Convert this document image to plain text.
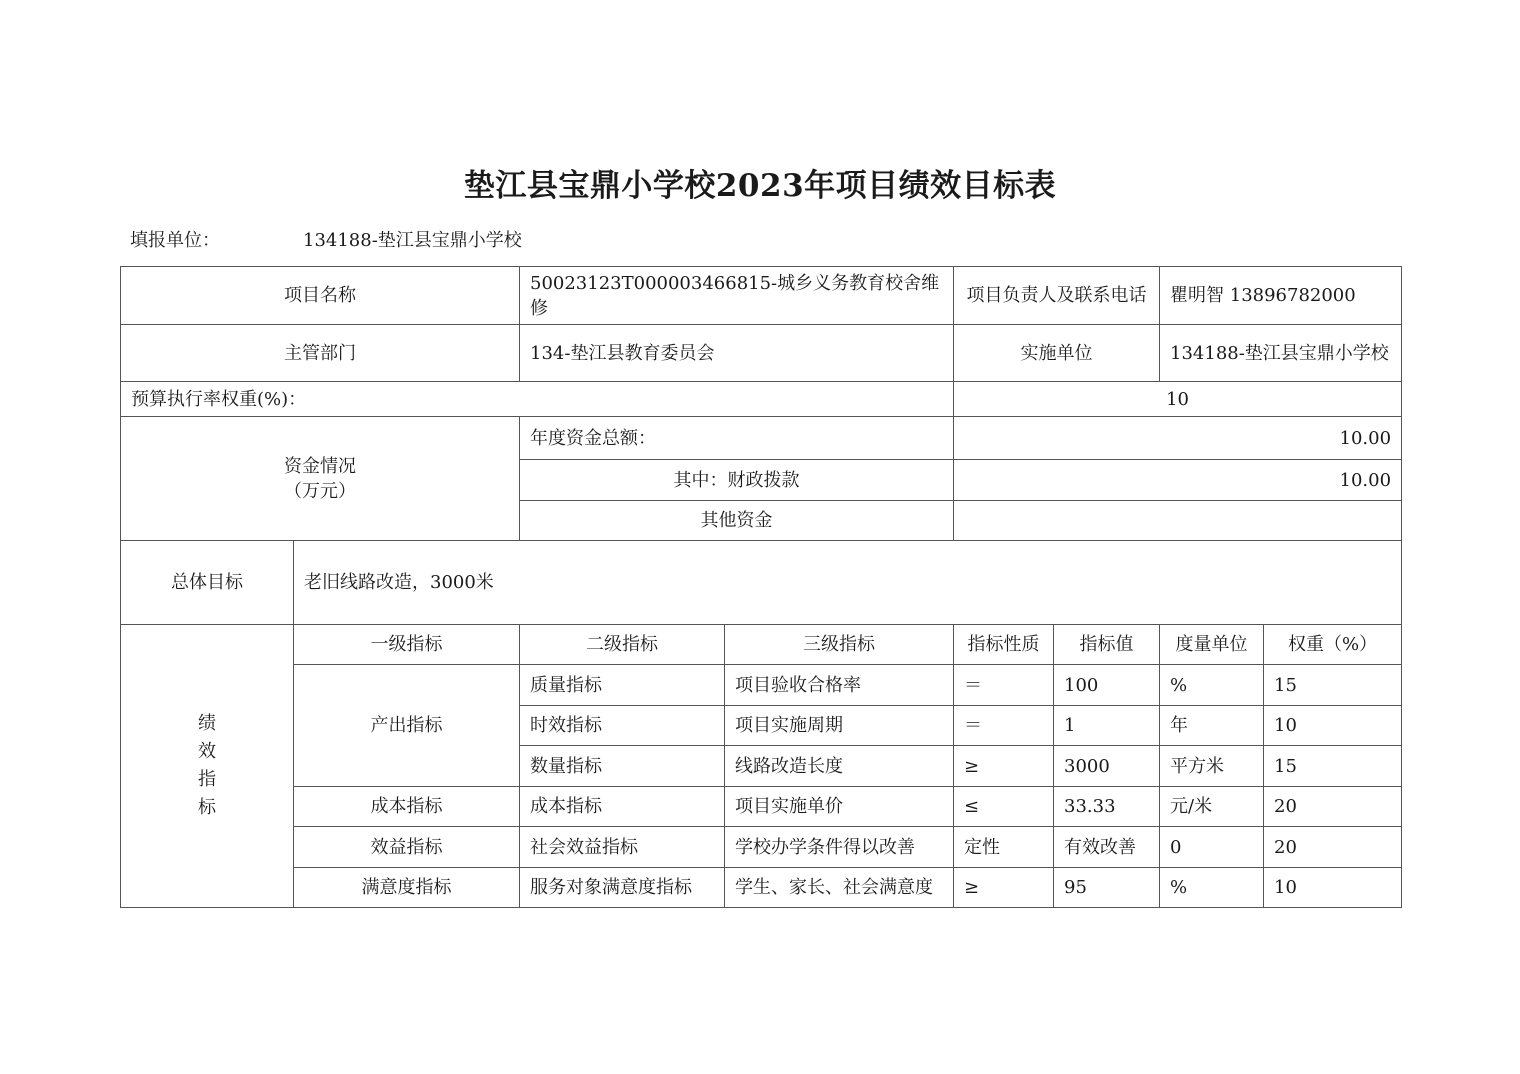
垫江县宝鼎小学校2023年项目绩效目标表
填报单位：	134188-垫江县宝鼎小学校
项目名称		50023123T000003466815-城乡义务教育校舍维修		项目负责人及联系电话		瞿明智 13896782000	
主管部门		134-垫江县教育委员会		实施单位		134188-垫江县宝鼎小学校	
预算执行率权重(%)：				10			

资金情况
（万元）		年度资金总额：		10.00			
		其中：财政拨款		10.00			
		其他资金					
总体目标	老旧线路改造，3000米						

绩
效
指
标	一级指标	二级指标	三级指标	指标性质	指标值	度量单位	权重（%）
	产出指标	质量指标	项目验收合格率	＝	100	%	15
		时效指标	项目实施周期	＝	1	年	10
		数量指标	线路改造长度	≥	3000	平方米	15
	成本指标	成本指标	项目实施单价	≤	33.33	元/米	20
	效益指标	社会效益指标	学校办学条件得以改善	定性	有效改善	0	20
	满意度指标	服务对象满意度指标	学生、家长、社会满意度	≥	95	%	10
